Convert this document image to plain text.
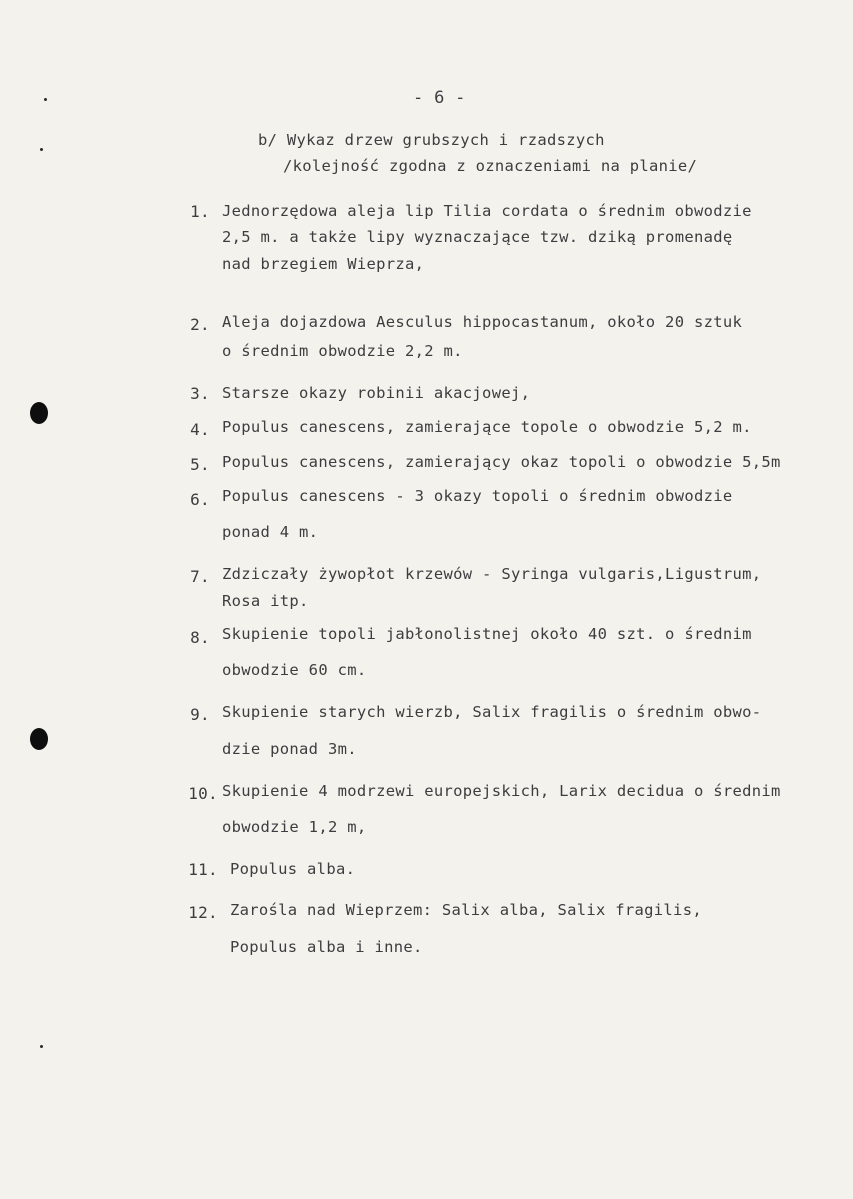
- 6 -
b/ Wykaz drzew grubszych i rzadszych
/kolejność zgodna z oznaczeniami na planie/
1. Jednorzędowa aleja lip Tilia cordata o średnim obwodzie
2,5 m. a także lipy wyznaczające tzw. dziką promenadę
nad brzegiem Wieprza,
2. Aleja dojazdowa Aesculus hippocastanum, około 20 sztuk
o średnim obwodzie 2,2 m.
3. Starsze okazy robinii akacjowej,
4. Populus canescens, zamierające topole o obwodzie 5,2 m.
5. Populus canescens, zamierający okaz topoli o obwodzie 5,5m
6. Populus canescens - 3 okazy topoli o średnim obwodzie
ponad 4 m.
7. Zdziczały żywopłot krzewów - Syringa vulgaris,Ligustrum,
Rosa itp.
8. Skupienie topoli jabłonolistnej około 40 szt. o średnim
obwodzie 60 cm.
9. Skupienie starych wierzb, Salix fragilis o średnim obwo-
dzie ponad 3m.
10. Skupienie 4 modrzewi europejskich, Larix decidua o średnim
obwodzie 1,2 m,
11. Populus alba.
12. Zarośla nad Wieprzem: Salix alba, Salix fragilis,
Populus alba i inne.
